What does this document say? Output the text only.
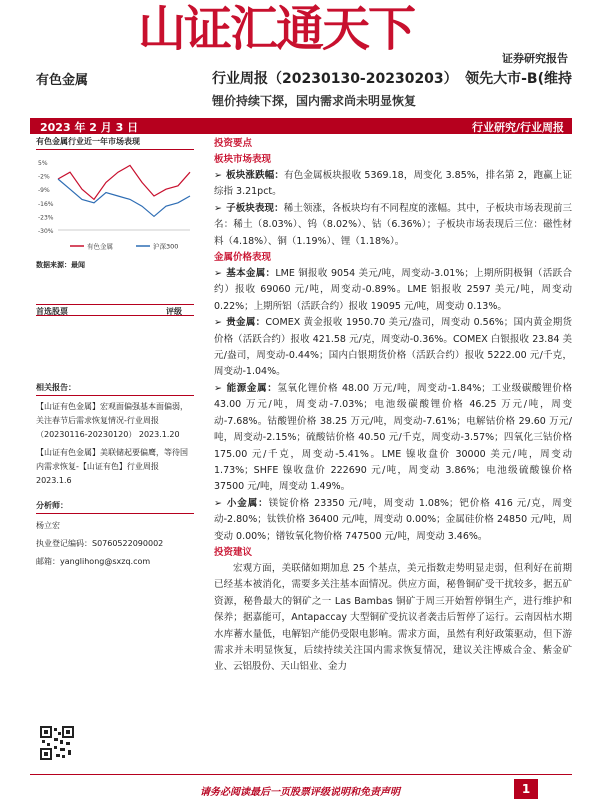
山证汇通天下
证券研究报告
有色金属	行业周报（20230130-20230203） 领先大市-B(维持
锂价持续下探，国内需求尚未明显恢复
2023 年 2 月 3 日	行业研究/行业周报
有色金属行业近一年市场表现
5%
-2%
-9%
-16%
-23%
-30%
有色金属	沪深300
数据来源：最闻
首选股票	评级
相关报告：
【山证有色金属】宏观面偏强基本面偏弱，关注春节后需求恢复情况-行业周报（20230116-20230120） 2023.1.20
【山证有色金属】美联储起要偏鹰，等待国内需求恢复-【山证有色】行业周报 2023.1.6
分析师：
杨立宏
执业登记编码：S0760522090002
邮箱：yanglihong@sxzq.com
投资要点
板块市场表现
➢ 板块涨跌幅：有色金属板块报收 5369.18，周变化 3.85%，排名第 2，跑赢上证综指 3.21pct。
➢ 子板块表现：稀土领涨，各板块均有不同程度的涨幅。其中，子板块市场表现前三名：稀土（8.03%）、钨（8.02%）、钴（6.36%）；子板块市场表现后三位：磁性材料（4.18%）、铜（1.19%）、锂（1.18%）。
金属价格表现
➢ 基本金属：LME 铜报收 9054 美元/吨，周变动-3.01%；上期所阴极铜（活跃合约）报收 69060 元/吨，周变动-0.89%。LME 铝报收 2597 美元/吨，周变动 0.22%；上期所铝（活跃合约）报收 19095 元/吨，周变动 0.13%。
➢ 贵金属：COMEX 黄金报收 1950.70 美元/盎司，周变动 0.56%；国内黄金期货价格（活跃合约）报收 421.58 元/克，周变动-0.36%。COMEX 白银报收 23.84 美元/盎司，周变动-0.44%；国内白银期货价格（活跃合约）报收 5222.00 元/千克，周变动-1.04%。
➢ 能源金属：氢氧化锂价格 48.00 万元/吨，周变动-1.84%；工业级碳酸锂价格 43.00 万元/吨，周变动-7.03%；电池级碳酸锂价格 46.25 万元/吨，周变动-7.68%。钴酸锂价格 38.25 万元/吨，周变动-7.61%；电解钴价格 29.60 万元/吨，周变动-2.15%；硫酸钴价格 40.50 元/千克，周变动-3.57%；四氧化三钴价格 175.00 元/千克，周变动-5.41%。LME 镍收盘价 30000 美元/吨，周变动 1.73%；SHFE 镍收盘价 222690 元/吨，周变动 3.86%；电池级硫酸镍价格 37500 元/吨，周变动 1.49%。
➢ 小金属：镁锭价格 23350 元/吨，周变动 1.08%；钯价格 416 元/克，周变动-2.80%；钛铁价格 36400 元/吨，周变动 0.00%；金属硅价格 24850 元/吨，周变动 0.00%；镨钕氧化物价格 747500 元/吨，周变动 3.46%。
投资建议
宏观方面，美联储如期加息 25 个基点，美元指数走势明显走弱，但利好在前期已经基本被消化，需要多关注基本面情况。供应方面，秘鲁铜矿受干扰较多，据五矿资源，秘鲁最大的铜矿之一 Las Bambas 铜矿于周三开始暂停铜生产，进行维护和保养；据嘉能可，Antapaccay 大型铜矿受抗议者袭击后暂停了运行。云南因枯水期水库蓄水量低，电解铝产能仍受限电影响。需求方面，虽然有利好政策驱动，但下游需求并未明显恢复，后续持续关注国内需求恢复情况，建议关注博威合金、紫金矿业、云铝股份、天山铝业、金力
请务必阅读最后一页股票评级说明和免责声明	1
